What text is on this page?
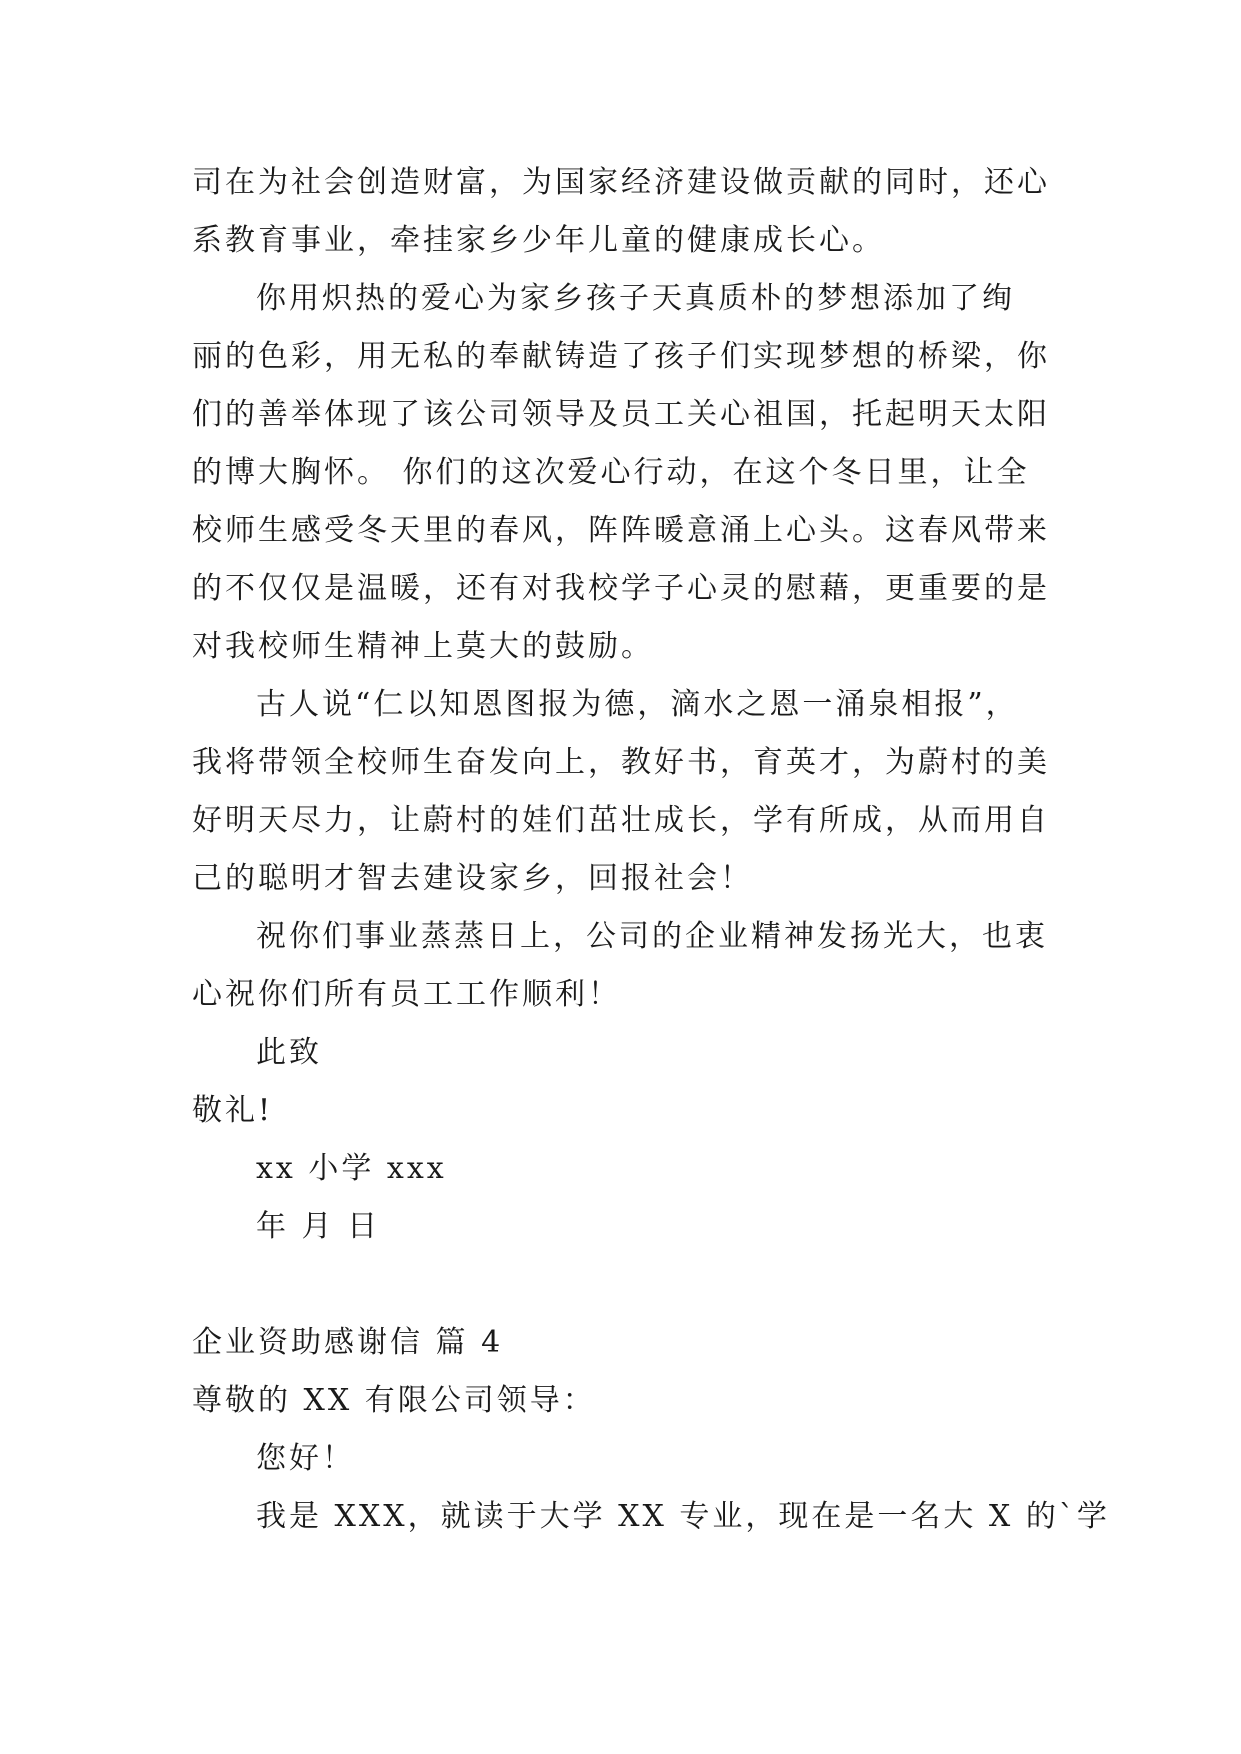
司在为社会创造财富，为国家经济建设做贡献的同时，还心
系教育事业，牵挂家乡少年儿童的健康成长心。
你用炽热的爱心为家乡孩子天真质朴的梦想添加了绚
丽的色彩，用无私的奉献铸造了孩子们实现梦想的桥梁，你
们的善举体现了该公司领导及员工关心祖国，托起明天太阳
的博大胸怀。 你们的这次爱心行动，在这个冬日里，让全
校师生感受冬天里的春风，阵阵暖意涌上心头。这春风带来
的不仅仅是温暖，还有对我校学子心灵的慰藉，更重要的是
对我校师生精神上莫大的鼓励。
古人说“仁以知恩图报为德，滴水之恩一涌泉相报”，
我将带领全校师生奋发向上，教好书，育英才，为蔚村的美
好明天尽力，让蔚村的娃们茁壮成长，学有所成，从而用自
己的聪明才智去建设家乡，回报社会！
祝你们事业蒸蒸日上，公司的企业精神发扬光大，也衷
心祝你们所有员工工作顺利！
此致
敬礼!
xx 小学 xxx
年 月 日
企业资助感谢信 篇 4
尊敬的 XX 有限公司领导：
您好！
我是 XXX，就读于大学 XX 专业，现在是一名大 X 的`学
